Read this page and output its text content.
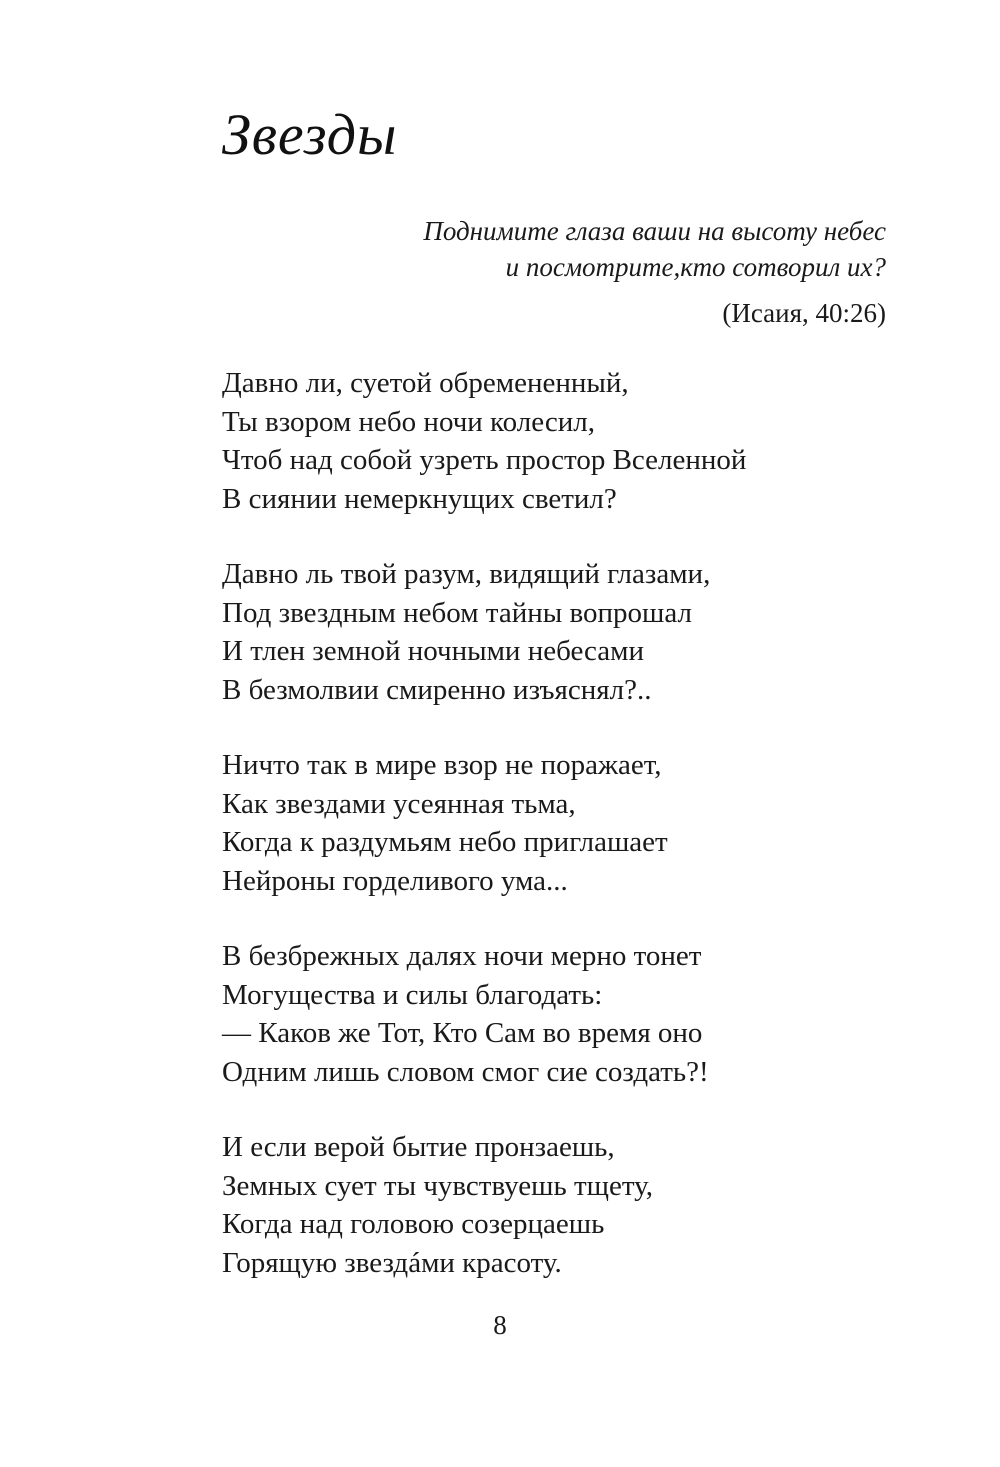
Звезды
Поднимите глаза ваши на высоту небес
и посмотрите,кто сотворил их?
(Исаия, 40:26)
Давно ли, суетой обремененный,
Ты взором небо ночи колесил,
Чтоб над собой узреть простор Вселенной
В сиянии немеркнущих светил?
Давно ль твой разум, видящий глазами,
Под звездным небом тайны вопрошал
И тлен земной ночными небесами
В безмолвии смиренно изъяснял?..
Ничто так в мире взор не поражает,
Как звездами усеянная тьма,
Когда к раздумьям небо приглашает
Нейроны горделивого ума...
В безбрежных далях ночи мерно тонет
Могущества и силы благодать:
— Каков же Тот, Кто Сам во время оно
Одним лишь словом смог сие создать?!
И если верой бытие пронзаешь,
Земных сует ты чувствуешь тщету,
Когда над головою созерцаешь
Горящую звездáми красоту.
8
